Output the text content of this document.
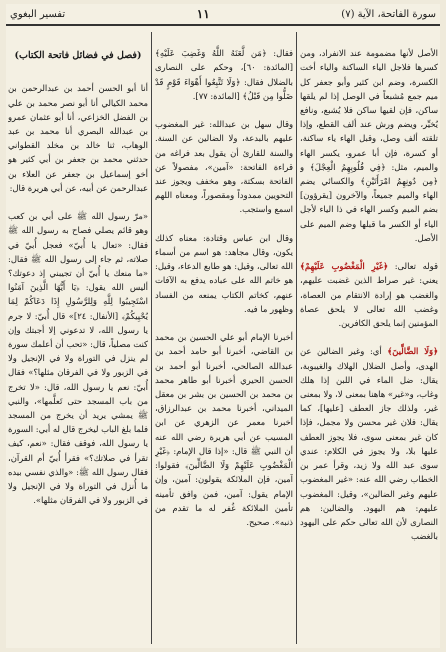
سورة الفاتحة، الآية (٧)
١١
تفسير البغوي

الأصل لأنها مضمومة عند الانفراد، ومن كسرها فلاجل الياء الساكنة والياء أخت الكسرة، وضم ابن كثير وأبو جعفر كل ميم جمع مُشبعاً في الوصل إذا لم يلقها ساكن، فإن لقيها ساكن فلا يُشبع، ونافع يُخيِّر، ويضم ورش عند ألف القطع، وإذا تلقته ألف وصل، وقبل الهاء ياء ساكنة، أو كسرة، فإن أبا عمرو، يكسر الهاء والميم، مثل: ﴿فِي قُلُوبِهِمُ الْعِجْلَ﴾ و ﴿مِن دُونِهِمُ امْرَأَتَيْنِ﴾ والكسائي يضم الهاء والميم جميعاً، والآخرون [يقرؤون] بضم الميم وكسر الهاء في ذا الياء لأجل الياء أو الكسر ما قبلها وضم الميم على الأصل.

قوله تعالى: ﴿غَيْرِ الْمَغْضُوبِ عَلَيْهِمْ﴾ يعني: غير صراط الذين غضبت عليهم، والغضب هو إرادة الانتقام من العصاة، وغضب الله تعالى لا يلحق عصاة المؤمنين إنما يلحق الكافرين.

﴿وَلَا الضَّالِّينَ﴾ أي: وغير الضالين عن الهدى، وأصل الضلال الهلاك والغيبوبة، يقال: ضل الماء في اللبن إذا هلك وغاب، و«غير» هاهنا بمعنى لا، ولا بمعنى غير، ولذلك جاز العطف [عليها]، كما يقال: فلان غير محسن ولا مجمل، فإذا كان غير بمعنى سوى، فلا يجوز العطف عليها بلا، ولا يجوز في الكلام: عندي سوى عبد الله ولا زيد، وقرأ عمر بن الخطاب رضي الله عنه: «غير المغضوب عليهم وغير الضالين»، وقيل: المغضوب عليهم: هم اليهود. والضالين: هم النصارى لأن الله تعالى حكم على اليهود بالغضب

فقال: ﴿مَن لَّعَنَهُ اللَّهُ وَغَضِبَ عَلَيْهِ﴾ [المائدة: ٦٠]، وحكم على النصارى بالضلال فقال: ﴿وَلَا تَتَّبِعُوا أَهْوَاءَ قَوْمٍ قَدْ ضَلُّوا مِن قَبْلُ﴾ [المائدة: ٧٧].

وقال سهل بن عبدالله: غير المغضوب عليهم بالبدعة، ولا الضالين عن السنة. والسنة للقارئ أن يقول بعد فراغه من قراءة الفاتحة: «آمين»، مفصولاً عن الفاتحة بسكتة، وهو مخفف ويجوز عند التحويين ممدوداً ومقصوراً، ومعناه اللهم اسمع واستجب.

وقال ابن عباس وقتادة: معناه كذلك يكون، وقال مجاهد: هو اسم من أسماء الله تعالى، وقيل: هو طابع الدعاء، وقيل: هو خاتم الله على عباده يدفع به الآفات عنهم، كخاتم الكتاب يمنعه من الفساد وظهور ما فيه.

أخبرنا الإمام أبو علي الحسين بن محمد بن القاضي، أخبرنا أبو حامد أحمد بن عبدالله الصالحي، أخبرنا أبو أحمد بن الحسن الحيري أخبرنا أبو طاهر محمد بن محمد بن الحسين بن بشر بن معقل الميداني، أخبرنا محمد بن عبدالرزاق، أخبرنا معمر عن الزهري عن ابن المسيب عن أبي هريرة رضي الله عنه أن النبي ﷺ قال: «إذا قال الإمام: ﴿غَيْرِ الْمَغْضُوبِ عَلَيْهِمْ وَلَا الضَّالِّينَ﴾ فقولوا: آمين، فإن الملائكة يقولون: آمين، وإن الإمام يقول: آمين، فمن وافق تأمينه تأمين الملائكة غُفر له ما تقدم من ذنبه». صحيح.

(فصل في فضائل فاتحة الكتاب)

أنا أبو الحسن أحمد بن عبدالرحمن بن محمد الكيالي أنا أبو نصر محمد بن علي بن الفضل الخزاعي، أنا أبو عثمان عمرو بن عبدالله البصري أنا محمد بن عبد الوهاب، ثنا خالد بن مخلد القطواني حدثني محمد بن جعفر بن أبي كثير هو أخو إسماعيل بن جعفر عن العلاء بن عبدالرحمن عن أبيه، عن أبي هريرة قال:

«مرّ رسول الله ﷺ على أبي بن كعب وهو قائم يصلي فصاح به رسول الله ﷺ فقال: «تعال يا أُبيّ» فعجل أُبيّ في صلاته، ثم جاء إلى رسول الله ﷺ فقال: «ما منعك يا أُبيّ أن تجيبني إذ دعوتك؟ أليس الله يقول: ﴿يَا أَيُّهَا الَّذِينَ آمَنُوا اسْتَجِيبُوا لِلَّهِ وَلِلرَّسُولِ إِذَا دَعَاكُمْ لِمَا يُحْيِيكُمْ﴾ [الأنفال: ٢٤]» قال أُبيّ: لا جرم يا رسول الله، لا تدعوني إلا أجبتك وإن كنت مصلياً، قال: «تحب أن أعلمك سورة لم ينزل في التوراة ولا في الإنجيل ولا في الزبور ولا في الفرقان مثلها؟» فقال أُبيّ: نعم يا رسول الله، قال: «لا تخرج من باب المسجد حتى تَعلَّمها»، والنبي ﷺ يمشي يريد أن يخرج من المسجد فلما بلغ الباب ليخرج قال له أبي: السورة يا رسول الله، فوقف فقال: «نعم، كيف تقرأ في صلاتك؟» فقرأ أُبيّ أم القرآن، فقال رسول الله ﷺ: «والذي نفسي بيده ما أُنزل في التوراة ولا في الإنجيل ولا في الزبور ولا في الفرقان مثلها».
